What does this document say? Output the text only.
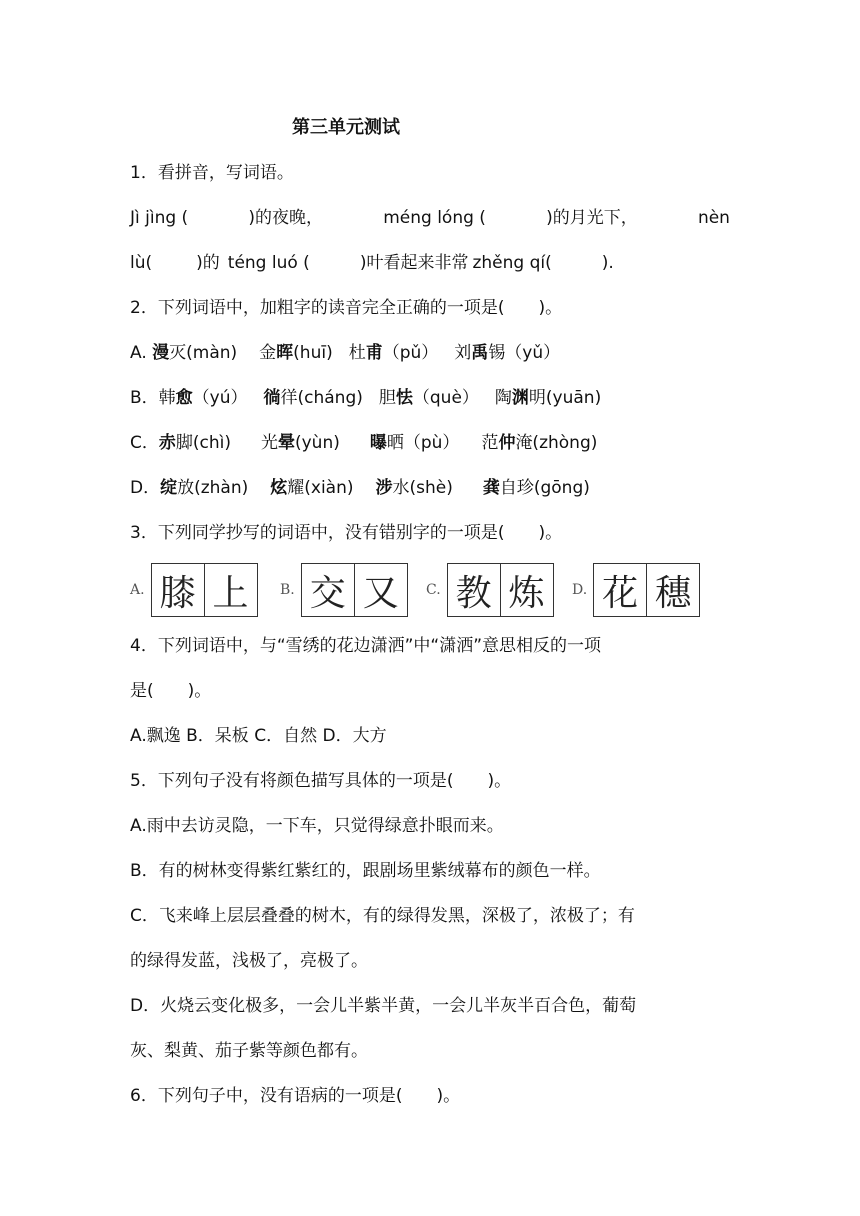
第三单元测试
1．看拼音，写词语。
Jì jìng (	)的夜晚，	méng lóng (	)的月光下，	nèn
lù(	)的 téng luó (	)叶看起来非常 zhěng qí(	).
2．下列词语中，加粗字的读音完全正确的一项是(　　)。
A. 漫灭(màn) 金晖(huī) 杜甫（pǔ） 刘禹锡（yǔ）
B．韩愈（yú） 徜徉(cháng) 胆怯（què） 陶渊明(yuān)
C．赤脚(chì) 光晕(yùn) 曝晒（pù） 范仲淹(zhòng)
D．绽放(zhàn) 炫耀(xiàn) 涉水(shè) 龚自珍(gōng)
3．下列同学抄写的词语中，没有错别字的一项是(　　)。
A. 膝 上	B. 交 又	C. 教 炼	D. 花 穗
4．下列词语中，与“雪绣的花边潇洒”中“潇洒”意思相反的一项
是(　　)。
A.飘逸 B．呆板 C．自然 D．大方
5．下列句子没有将颜色描写具体的一项是(　　)。
A.雨中去访灵隐，一下车，只觉得绿意扑眼而来。
B．有的树林变得紫红紫红的，跟剧场里紫绒幕布的颜色一样。
C．飞来峰上层层叠叠的树木，有的绿得发黑，深极了，浓极了；有
的绿得发蓝，浅极了，亮极了。
D．火烧云变化极多，一会儿半紫半黄，一会儿半灰半百合色，葡萄
灰、梨黄、茄子紫等颜色都有。
6．下列句子中，没有语病的一项是(　　)。
